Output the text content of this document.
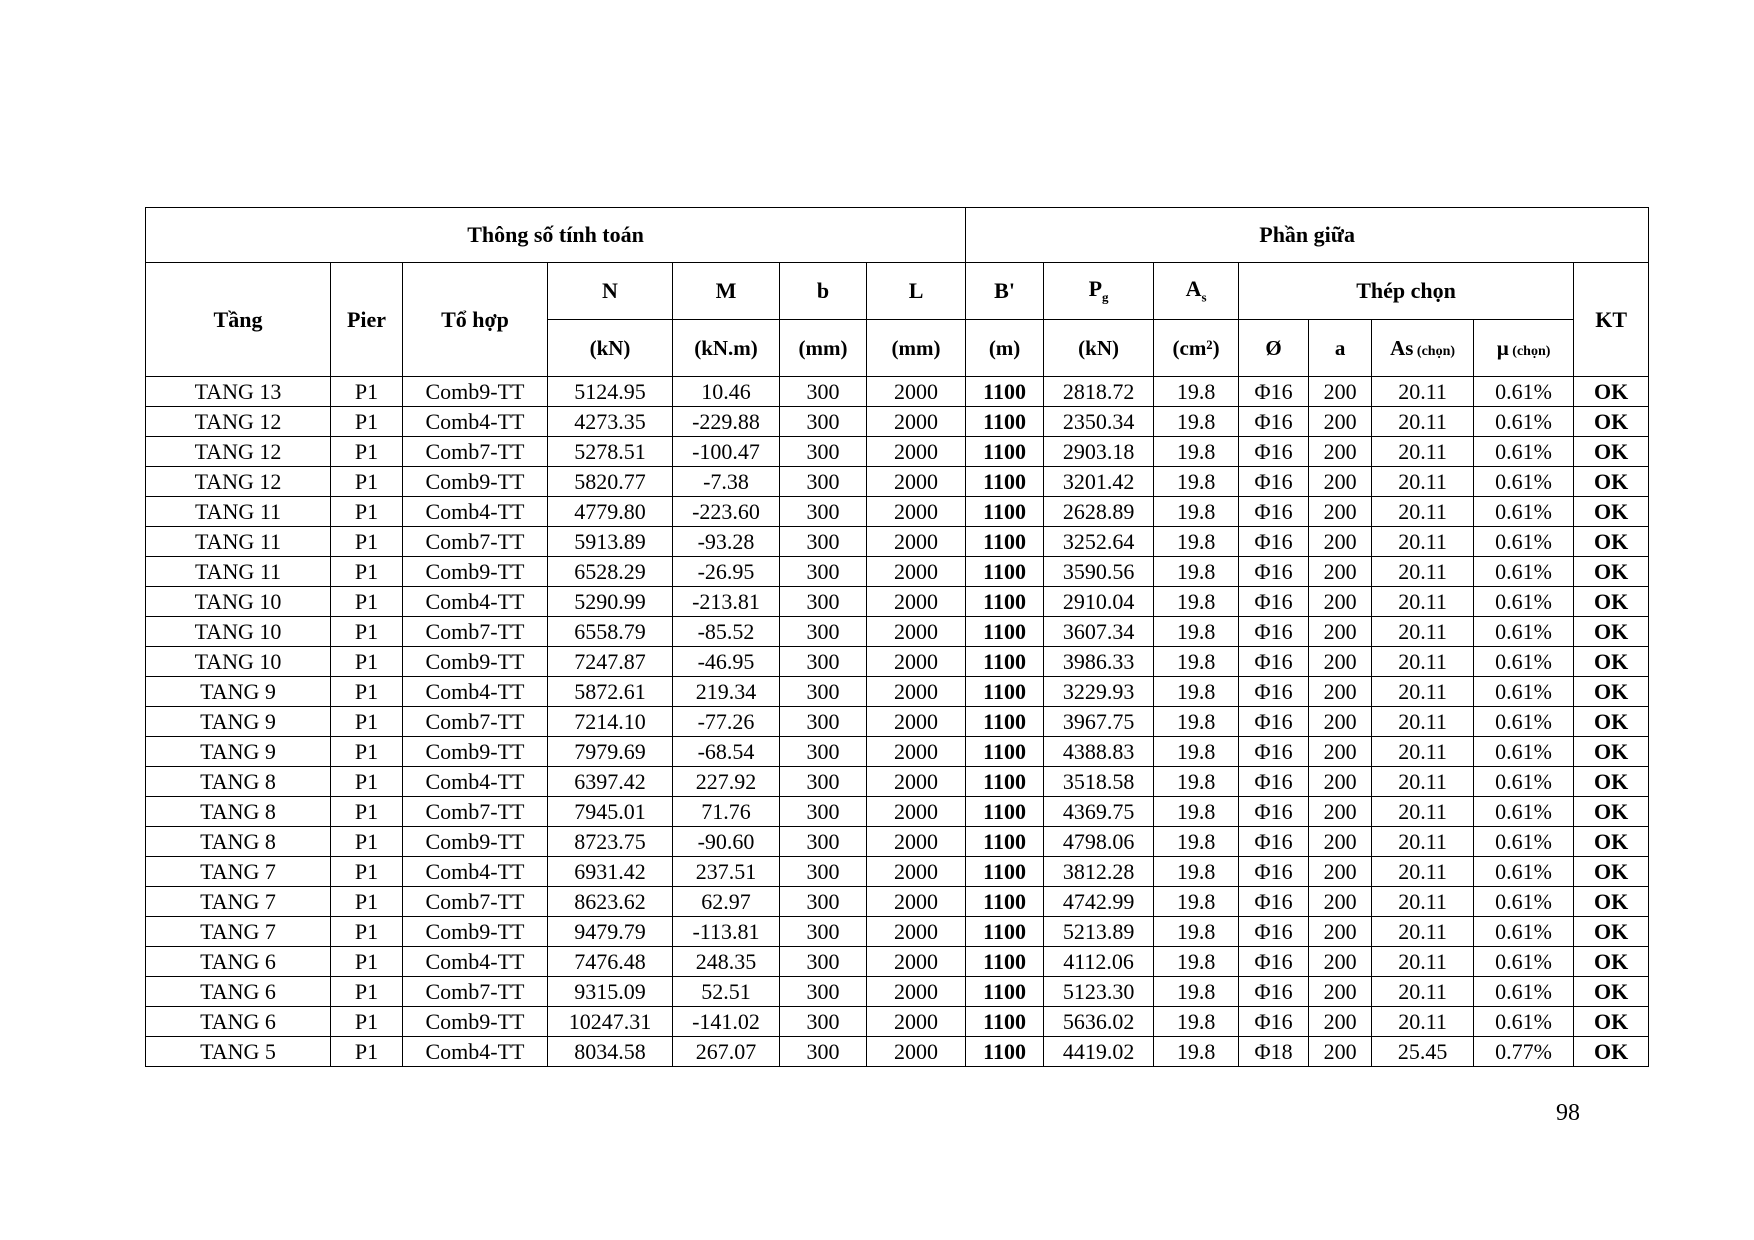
Thông số tính toán							Phần giữa							
Tầng	Pier	Tổ hợp	N	M	b	L	B'	$P_g$	$A_s$	Thép chọn				KT
			(kN)	(kN.m)	(mm)	(mm)	(m)	(kN)	(cm²)	Ø	a	As (chọn)	µ (chọn)	
TANG 13	P1	Comb9-TT	5124.95	10.46	300	2000	1100	2818.72	19.8	Φ16	200	20.11	0.61%	OK
TANG 12	P1	Comb4-TT	4273.35	-229.88	300	2000	1100	2350.34	19.8	Φ16	200	20.11	0.61%	OK
TANG 12	P1	Comb7-TT	5278.51	-100.47	300	2000	1100	2903.18	19.8	Φ16	200	20.11	0.61%	OK
TANG 12	P1	Comb9-TT	5820.77	-7.38	300	2000	1100	3201.42	19.8	Φ16	200	20.11	0.61%	OK
TANG 11	P1	Comb4-TT	4779.80	-223.60	300	2000	1100	2628.89	19.8	Φ16	200	20.11	0.61%	OK
TANG 11	P1	Comb7-TT	5913.89	-93.28	300	2000	1100	3252.64	19.8	Φ16	200	20.11	0.61%	OK
TANG 11	P1	Comb9-TT	6528.29	-26.95	300	2000	1100	3590.56	19.8	Φ16	200	20.11	0.61%	OK
TANG 10	P1	Comb4-TT	5290.99	-213.81	300	2000	1100	2910.04	19.8	Φ16	200	20.11	0.61%	OK
TANG 10	P1	Comb7-TT	6558.79	-85.52	300	2000	1100	3607.34	19.8	Φ16	200	20.11	0.61%	OK
TANG 10	P1	Comb9-TT	7247.87	-46.95	300	2000	1100	3986.33	19.8	Φ16	200	20.11	0.61%	OK
TANG 9	P1	Comb4-TT	5872.61	219.34	300	2000	1100	3229.93	19.8	Φ16	200	20.11	0.61%	OK
TANG 9	P1	Comb7-TT	7214.10	-77.26	300	2000	1100	3967.75	19.8	Φ16	200	20.11	0.61%	OK
TANG 9	P1	Comb9-TT	7979.69	-68.54	300	2000	1100	4388.83	19.8	Φ16	200	20.11	0.61%	OK
TANG 8	P1	Comb4-TT	6397.42	227.92	300	2000	1100	3518.58	19.8	Φ16	200	20.11	0.61%	OK
TANG 8	P1	Comb7-TT	7945.01	71.76	300	2000	1100	4369.75	19.8	Φ16	200	20.11	0.61%	OK
TANG 8	P1	Comb9-TT	8723.75	-90.60	300	2000	1100	4798.06	19.8	Φ16	200	20.11	0.61%	OK
TANG 7	P1	Comb4-TT	6931.42	237.51	300	2000	1100	3812.28	19.8	Φ16	200	20.11	0.61%	OK
TANG 7	P1	Comb7-TT	8623.62	62.97	300	2000	1100	4742.99	19.8	Φ16	200	20.11	0.61%	OK
TANG 7	P1	Comb9-TT	9479.79	-113.81	300	2000	1100	5213.89	19.8	Φ16	200	20.11	0.61%	OK
TANG 6	P1	Comb4-TT	7476.48	248.35	300	2000	1100	4112.06	19.8	Φ16	200	20.11	0.61%	OK
TANG 6	P1	Comb7-TT	9315.09	52.51	300	2000	1100	5123.30	19.8	Φ16	200	20.11	0.61%	OK
TANG 6	P1	Comb9-TT	10247.31	-141.02	300	2000	1100	5636.02	19.8	Φ16	200	20.11	0.61%	OK
TANG 5	P1	Comb4-TT	8034.58	267.07	300	2000	1100	4419.02	19.8	Φ18	200	25.45	0.77%	OK
98
